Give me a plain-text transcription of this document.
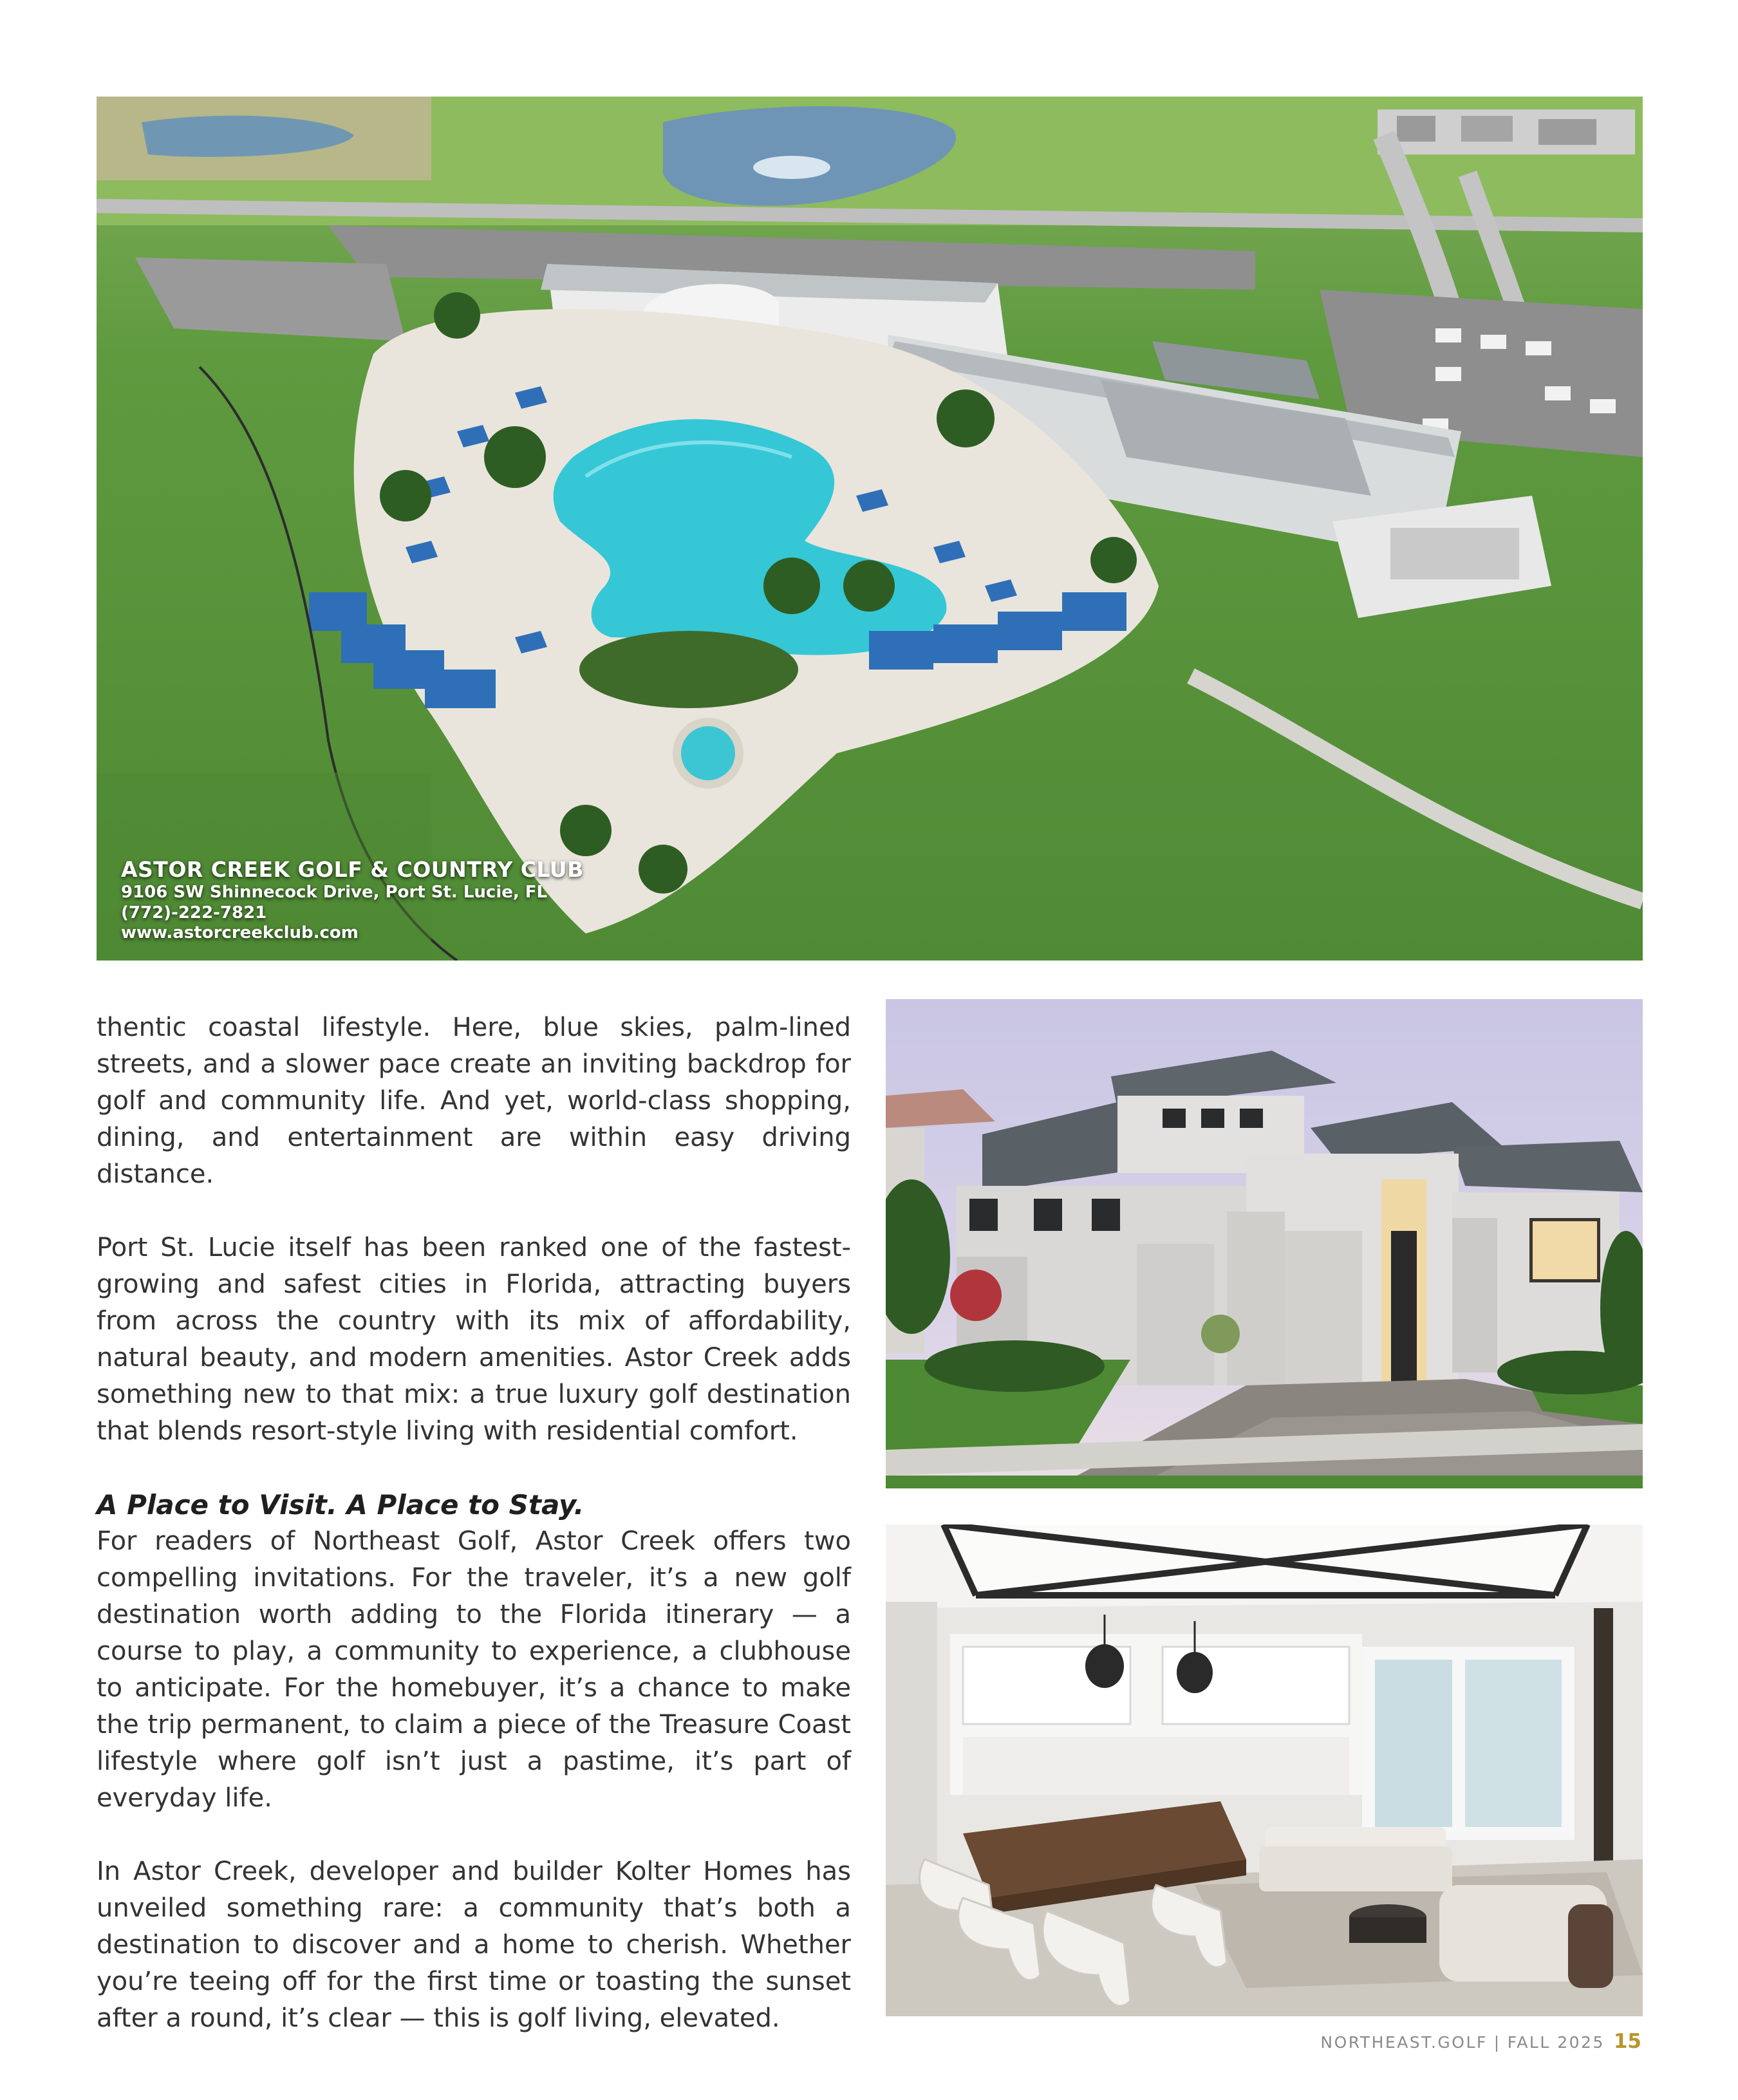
ASTOR CREEK GOLF & COUNTRY CLUB
9106 SW Shinnecock Drive, Port St. Lucie, FL
(772)-222-7821
www.astorcreekclub.com

thentic coastal lifestyle. Here, blue skies, palm-lined streets, and a slower pace create an inviting backdrop for golf and community life. And yet, world-class shopping, dining, and entertainment are within easy driving distance.

Port St. Lucie itself has been ranked one of the fastest-growing and safest cities in Florida, attracting buyers from across the country with its mix of affordability, natural beauty, and modern amenities. Astor Creek adds something new to that mix: a true luxury golf destination that blends resort-style living with residential comfort.

A Place to Visit. A Place to Stay.

For readers of Northeast Golf, Astor Creek offers two compelling invitations. For the traveler, it’s a new golf destination worth adding to the Florida itinerary — a course to play, a community to experience, a clubhouse to anticipate. For the homebuyer, it’s a chance to make the trip permanent, to claim a piece of the Treasure Coast lifestyle where golf isn’t just a pastime, it’s part of everyday life.

In Astor Creek, developer and builder Kolter Homes has unveiled something rare: a community that’s both a destination to discover and a home to cherish. Whether you’re teeing off for the first time or toasting the sunset after a round, it’s clear — this is golf living, elevated.

NORTHEAST.GOLF | FALL 2025 15
